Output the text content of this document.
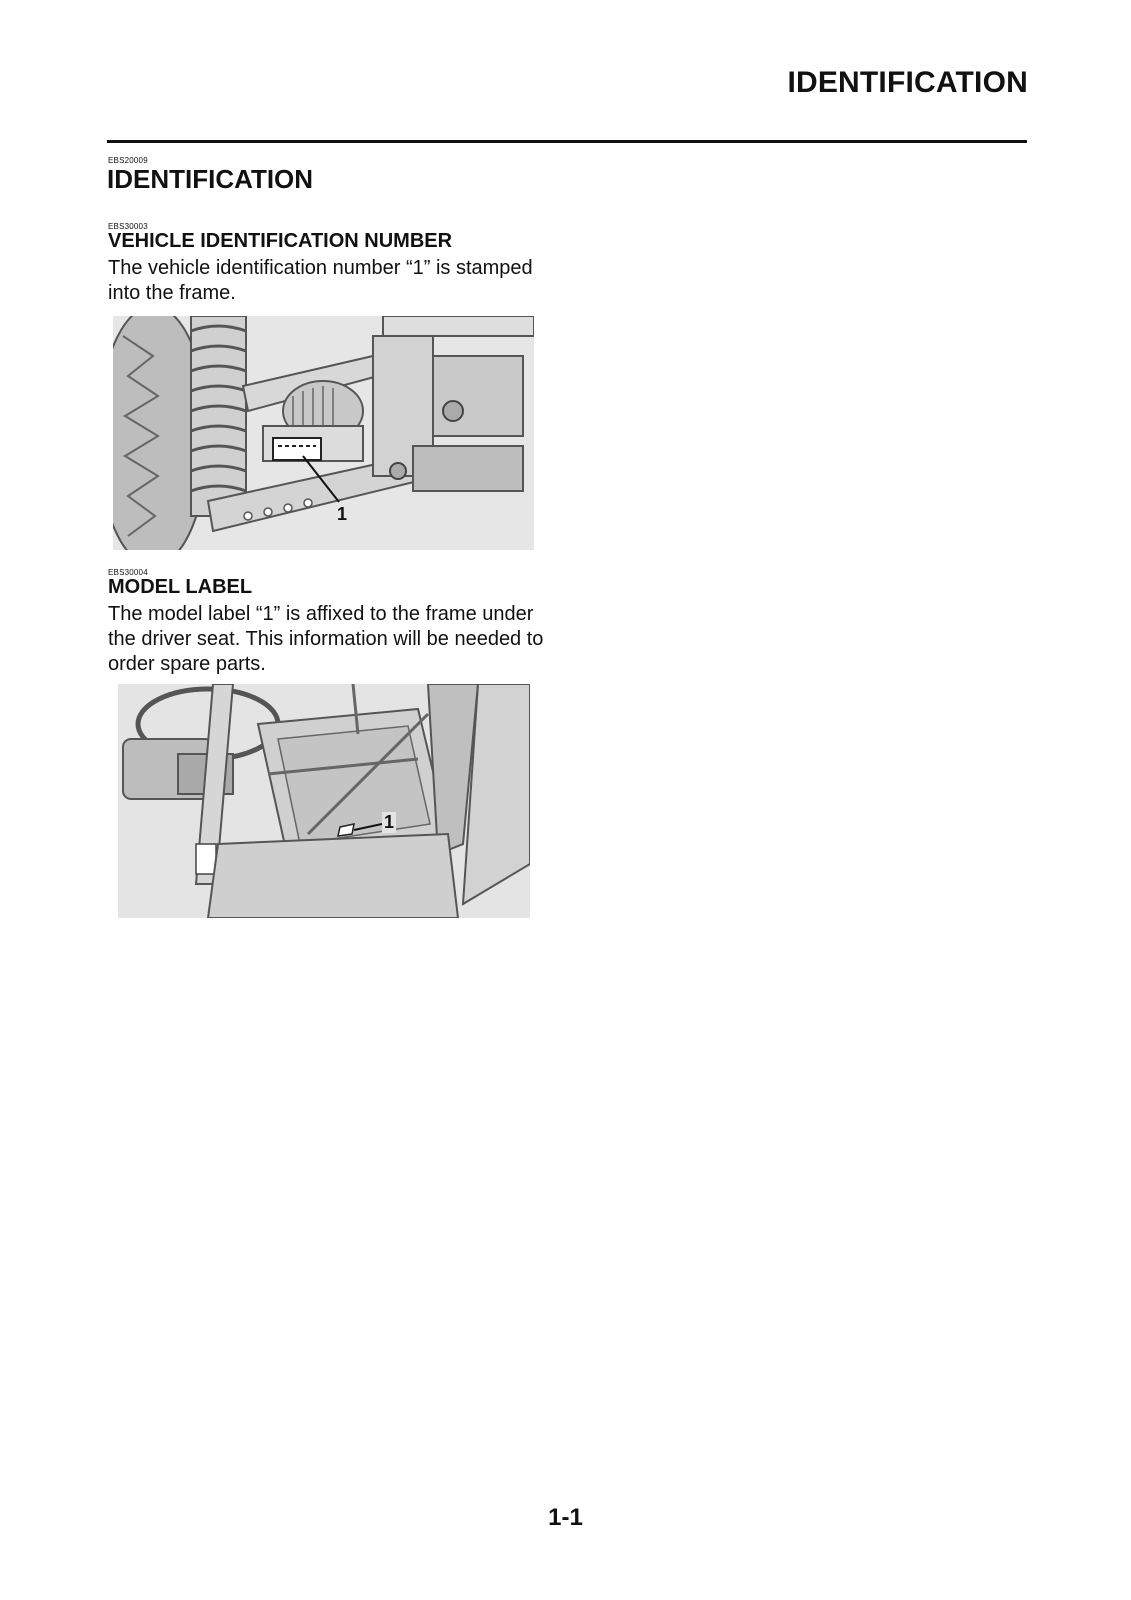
IDENTIFICATION
EBS20009
IDENTIFICATION
EBS30003
VEHICLE IDENTIFICATION NUMBER
The vehicle identification number “1” is stamped into the frame.
1
EBS30004
MODEL LABEL
The model label “1” is affixed to the frame under the driver seat. This information will be needed to order spare parts.
1
1-1
